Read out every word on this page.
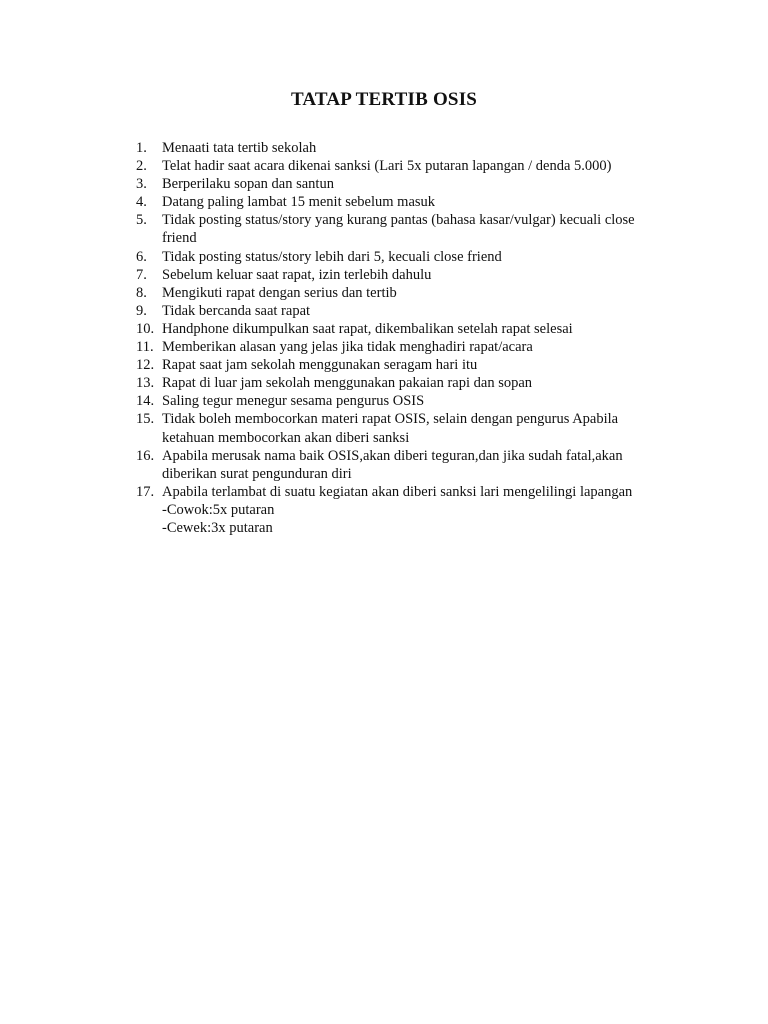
TATAP TERTIB OSIS
1.	Menaati tata tertib sekolah
2.	Telat hadir saat acara dikenai sanksi (Lari 5x putaran lapangan / denda 5.000)
3.	Berperilaku sopan dan santun
4.	Datang paling lambat 15 menit sebelum masuk
5.	Tidak posting status/story yang kurang pantas (bahasa kasar/vulgar) kecuali close
friend
6.	Tidak posting status/story lebih dari 5, kecuali close friend
7.	Sebelum keluar saat rapat, izin terlebih dahulu
8.	Mengikuti rapat dengan serius dan tertib
9.	Tidak bercanda saat rapat
10. Handphone dikumpulkan saat rapat, dikembalikan setelah rapat selesai
11. Memberikan alasan yang jelas jika tidak menghadiri rapat/acara
12. Rapat saat jam sekolah menggunakan seragam hari itu
13. Rapat di luar jam sekolah menggunakan pakaian rapi dan sopan
14. Saling tegur menegur sesama pengurus OSIS
15. Tidak boleh membocorkan materi rapat OSIS, selain dengan pengurus Apabila
ketahuan membocorkan akan diberi sanksi
16. Apabila merusak nama baik OSIS,akan diberi teguran,dan jika sudah fatal,akan
diberikan surat pengunduran diri
17. Apabila terlambat di suatu kegiatan akan diberi sanksi lari mengelilingi lapangan
-Cowok:5x putaran
-Cewek:3x putaran
